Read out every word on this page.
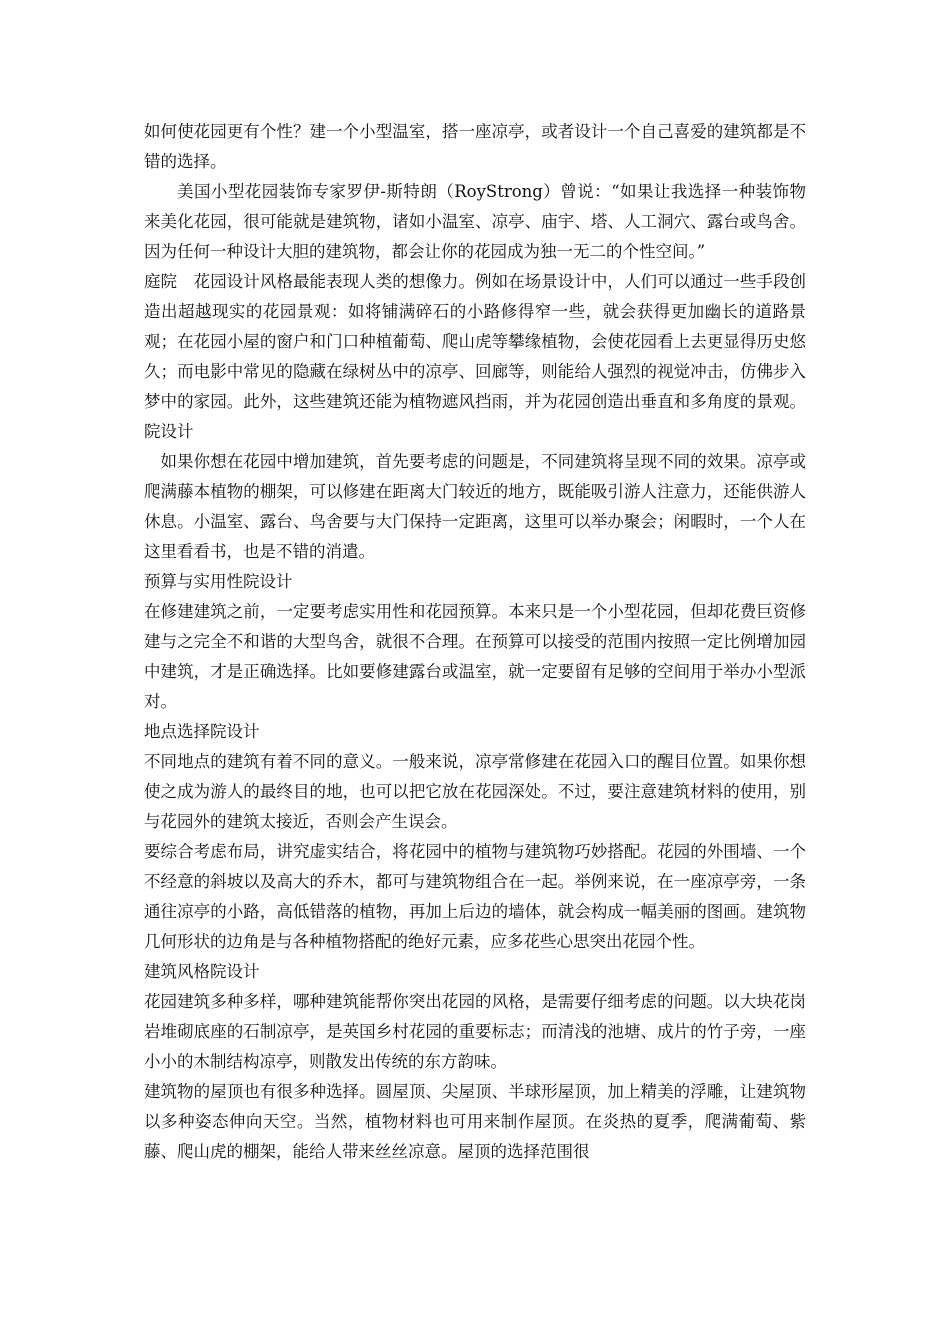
如何使花园更有个性？建一个小型温室，搭一座凉亭，或者设计一个自己喜爱的建筑都是不错的选择。

美国小型花园装饰专家罗伊-斯特朗（RoyStrong）曾说：“如果让我选择一种装饰物来美化花园，很可能就是建筑物，诸如小温室、凉亭、庙宇、塔、人工洞穴、露台或鸟舍。因为任何一种设计大胆的建筑物，都会让你的花园成为独一无二的个性空间。”

庭院　花园设计风格最能表现人类的想像力。例如在场景设计中，人们可以通过一些手段创造出超越现实的花园景观：如将铺满碎石的小路修得窄一些，就会获得更加幽长的道路景观；在花园小屋的窗户和门口种植葡萄、爬山虎等攀缘植物，会使花园看上去更显得历史悠久；而电影中常见的隐藏在绿树丛中的凉亭、回廊等，则能给人强烈的视觉冲击，仿佛步入梦中的家园。此外，这些建筑还能为植物遮风挡雨，并为花园创造出垂直和多角度的景观。院设计

如果你想在花园中增加建筑，首先要考虑的问题是，不同建筑将呈现不同的效果。凉亭或爬满藤本植物的棚架，可以修建在距离大门较近的地方，既能吸引游人注意力，还能供游人休息。小温室、露台、鸟舍要与大门保持一定距离，这里可以举办聚会；闲暇时，一个人在这里看看书，也是不错的消遣。

预算与实用性院设计

在修建建筑之前，一定要考虑实用性和花园预算。本来只是一个小型花园，但却花费巨资修建与之完全不和谐的大型鸟舍，就很不合理。在预算可以接受的范围内按照一定比例增加园中建筑，才是正确选择。比如要修建露台或温室，就一定要留有足够的空间用于举办小型派对。

地点选择院设计

不同地点的建筑有着不同的意义。一般来说，凉亭常修建在花园入口的醒目位置。如果你想使之成为游人的最终目的地，也可以把它放在花园深处。不过，要注意建筑材料的使用，别与花园外的建筑太接近，否则会产生误会。

要综合考虑布局，讲究虚实结合，将花园中的植物与建筑物巧妙搭配。花园的外围墙、一个不经意的斜坡以及高大的乔木，都可与建筑物组合在一起。举例来说，在一座凉亭旁，一条通往凉亭的小路，高低错落的植物，再加上后边的墙体，就会构成一幅美丽的图画。建筑物几何形状的边角是与各种植物搭配的绝好元素，应多花些心思突出花园个性。

建筑风格院设计

花园建筑多种多样，哪种建筑能帮你突出花园的风格，是需要仔细考虑的问题。以大块花岗岩堆砌底座的石制凉亭，是英国乡村花园的重要标志；而清浅的池塘、成片的竹子旁，一座小小的木制结构凉亭，则散发出传统的东方韵味。

建筑物的屋顶也有很多种选择。圆屋顶、尖屋顶、半球形屋顶，加上精美的浮雕，让建筑物以多种姿态伸向天空。当然，植物材料也可用来制作屋顶。在炎热的夏季，爬满葡萄、紫藤、爬山虎的棚架，能给人带来丝丝凉意。屋顶的选择范围很
